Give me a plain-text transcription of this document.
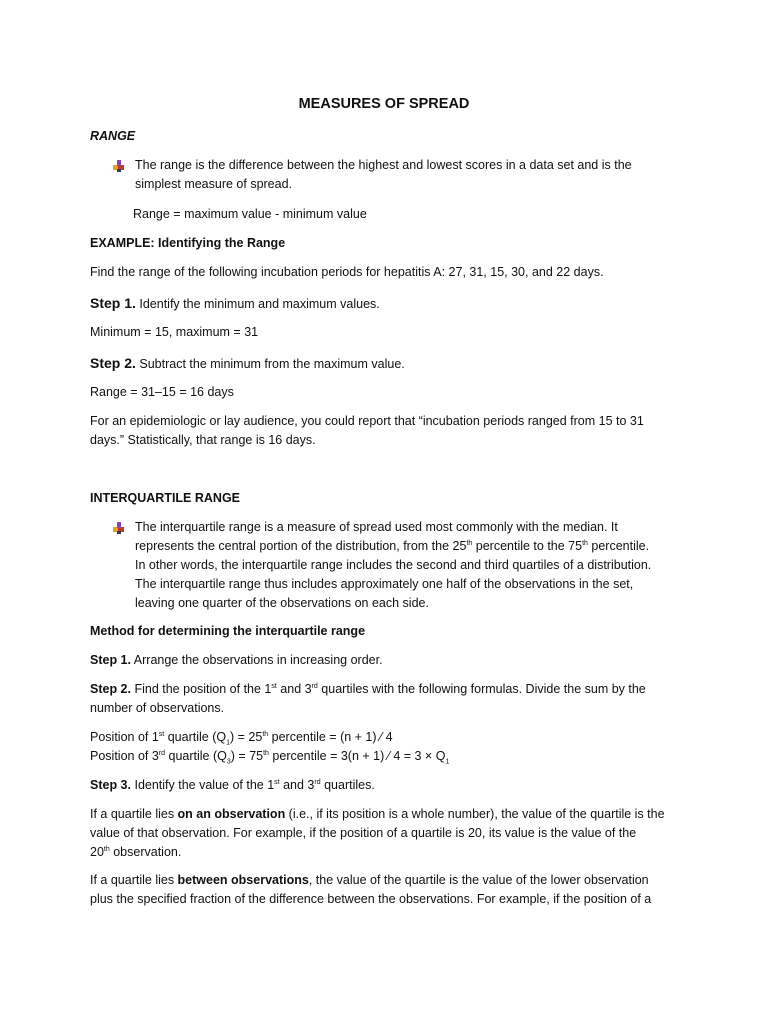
MEASURES OF SPREAD
RANGE
The range is the difference between the highest and lowest scores in a data set and is the
simplest measure of spread.
Range = maximum value - minimum value
EXAMPLE: Identifying the Range
Find the range of the following incubation periods for hepatitis A: 27, 31, 15, 30, and 22 days.
Step 1. Identify the minimum and maximum values.
Minimum = 15, maximum = 31
Step 2. Subtract the minimum from the maximum value.
Range = 31–15 = 16 days
For an epidemiologic or lay audience, you could report that “incubation periods ranged from 15 to 31
days.” Statistically, that range is 16 days.
INTERQUARTILE RANGE
The interquartile range is a measure of spread used most commonly with the median. It
represents the central portion of the distribution, from the 25th percentile to the 75th percentile.
In other words, the interquartile range includes the second and third quartiles of a distribution.
The interquartile range thus includes approximately one half of the observations in the set,
leaving one quarter of the observations on each side.
Method for determining the interquartile range
Step 1. Arrange the observations in increasing order.
Step 2. Find the position of the 1st and 3rd quartiles with the following formulas. Divide the sum by the
number of observations.
Position of 1st quartile $(Q_1) = 25th$ percentile = (n + 1) ⁄ 4
Position of 3rd quartile $(Q_3) = 75th$ percentile = 3(n + 1) ⁄ $4 = 3 \times Q_1$
Step 3. Identify the value of the 1st and 3rd quartiles.
If a quartile lies on an observation (i.e., if its position is a whole number), the value of the quartile is the
value of that observation. For example, if the position of a quartile is 20, its value is the value of the
20th observation.
If a quartile lies between observations, the value of the quartile is the value of the lower observation
plus the specified fraction of the difference between the observations. For example, if the position of a
